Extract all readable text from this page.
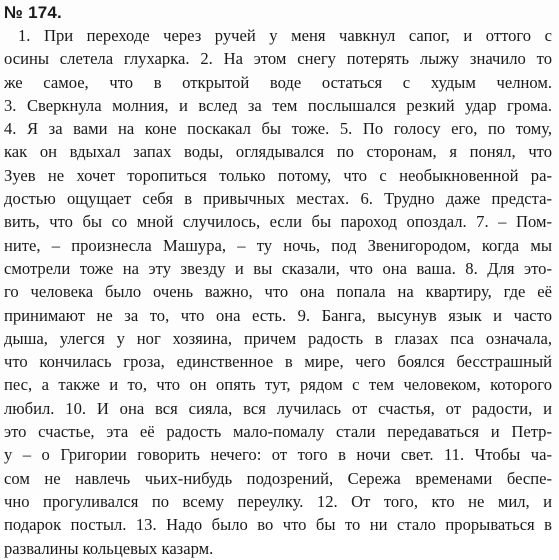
№ 174.
1. При переходе через ручей у меня чавкнул сапог, и оттого с
осины слетела глухарка. 2. На этом снегу потерять лыжу значило то
же самое, что в открытой воде остаться с худым челном.
3. Сверкнула молния, и вслед за тем послышался резкий удар грома.
4. Я за вами на коне поскакал бы тоже. 5. По голосу его, по тому,
как он вдыхал запах воды, оглядывался по сторонам, я понял, что
Зуев не хочет торопиться только потому, что с необыкновенной ра-
достью ощущает себя в привычных местах. 6. Трудно даже предста-
вить, что бы со мной случилось, если бы пароход опоздал. 7. – Пом-
ните, – произнесла Машура, – ту ночь, под Звенигородом, когда мы
смотрели тоже на эту звезду и вы сказали, что она ваша. 8. Для это-
го человека было очень важно, что она попала на квартиру, где её
принимают не за то, что она есть. 9. Банга, высунув язык и часто
дыша, улегся у ног хозяина, причем радость в глазах пса означала,
что кончилась гроза, единственное в мире, чего боялся бесстрашный
пес, а также и то, что он опять тут, рядом с тем человеком, которого
любил. 10. И она вся сияла, вся лучилась от счастья, от радости, и
это счастье, эта её радость мало-помалу стали передаваться и Петр-
у – о Григории говорить нечего: от того в ночи свет. 11. Чтобы ча-
сом не навлечь чьих-нибудь подозрений, Сережа временами беспе-
чно прогуливался по всему переулку. 12. От того, кто не мил, и
подарок постыл. 13. Надо было во что бы то ни стало прорываться в
развалины кольцевых казарм.
